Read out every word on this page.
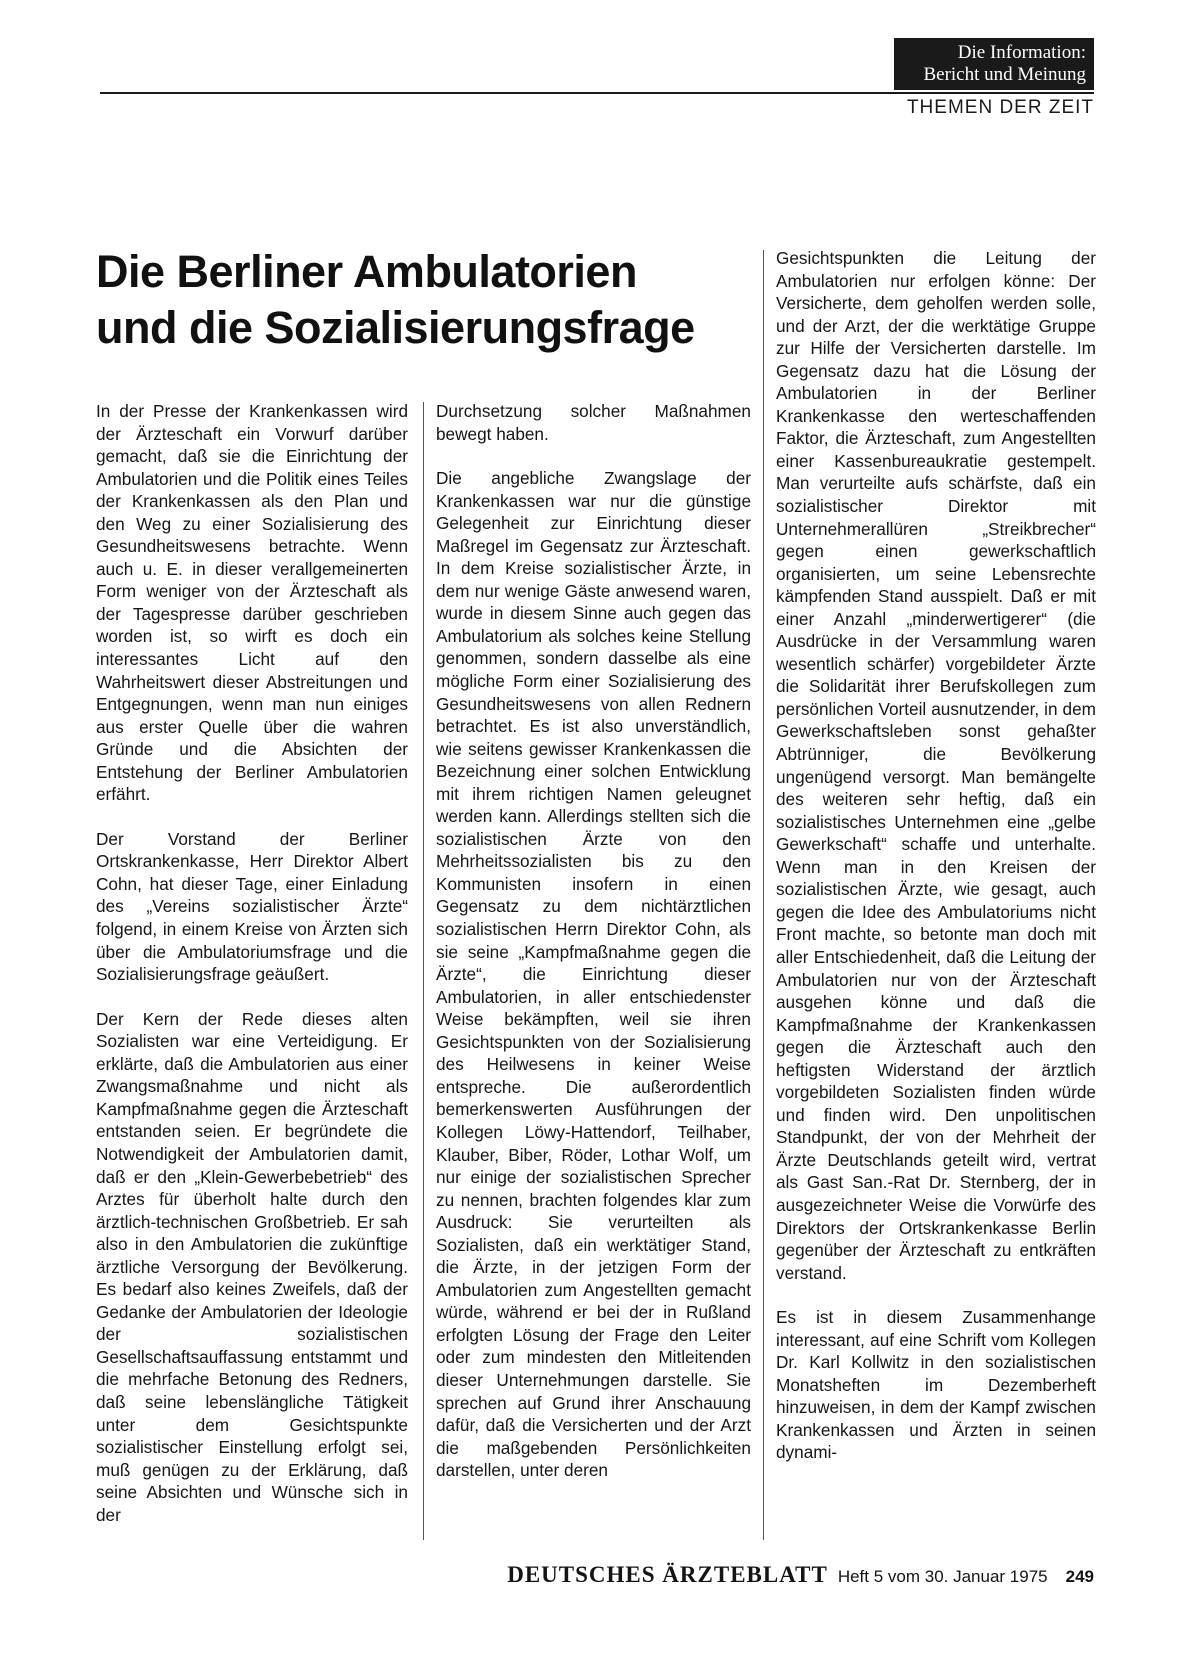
Die Information:
Bericht und Meinung
THEMEN DER ZEIT
Die Berliner Ambulatorien
und die Sozialisierungsfrage

In der Presse der Krankenkassen wird der Ärzteschaft ein Vorwurf darüber gemacht, daß sie die Einrichtung der Ambulatorien und die Politik eines Teiles der Krankenkassen als den Plan und den Weg zu einer Sozialisierung des Gesundheitswesens betrachte. Wenn auch u. E. in dieser verallgemeinerten Form weniger von der Ärzteschaft als der Tagespresse darüber geschrieben worden ist, so wirft es doch ein interessantes Licht auf den Wahrheitswert dieser Abstreitungen und Entgegnungen, wenn man nun einiges aus erster Quelle über die wahren Gründe und die Absichten der Entstehung der Berliner Ambulatorien erfährt.

Der Vorstand der Berliner Ortskrankenkasse, Herr Direktor Albert Cohn, hat dieser Tage, einer Einladung des „Vereins sozialistischer Ärzte“ folgend, in einem Kreise von Ärzten sich über die Ambulatoriumsfrage und die Sozialisierungsfrage geäußert.

Der Kern der Rede dieses alten Sozialisten war eine Verteidigung. Er erklärte, daß die Ambulatorien aus einer Zwangsmaßnahme und nicht als Kampfmaßnahme gegen die Ärzteschaft entstanden seien. Er begründete die Notwendigkeit der Ambulatorien damit, daß er den „Klein-Gewerbebetrieb“ des Arztes für überholt halte durch den ärztlich-technischen Großbetrieb. Er sah also in den Ambulatorien die zukünftige ärztliche Versorgung der Bevölkerung. Es bedarf also keines Zweifels, daß der Gedanke der Ambulatorien der Ideologie der sozialistischen Gesellschaftsauffassung entstammt und die mehrfache Betonung des Redners, daß seine lebenslängliche Tätigkeit unter dem Gesichtspunkte sozialistischer Einstellung erfolgt sei, muß genügen zu der Erklärung, daß seine Absichten und Wünsche sich in der

Durchsetzung solcher Maßnahmen bewegt haben.

Die angebliche Zwangslage der Krankenkassen war nur die günstige Gelegenheit zur Einrichtung dieser Maßregel im Gegensatz zur Ärzteschaft. In dem Kreise sozialistischer Ärzte, in dem nur wenige Gäste anwesend waren, wurde in diesem Sinne auch gegen das Ambulatorium als solches keine Stellung genommen, sondern dasselbe als eine mögliche Form einer Sozialisierung des Gesundheitswesens von allen Rednern betrachtet. Es ist also unverständlich, wie seitens gewisser Krankenkassen die Bezeichnung einer solchen Entwicklung mit ihrem richtigen Namen geleugnet werden kann. Allerdings stellten sich die sozialistischen Ärzte von den Mehrheitssozialisten bis zu den Kommunisten insofern in einen Gegensatz zu dem nichtärztlichen sozialistischen Herrn Direktor Cohn, als sie seine „Kampfmaßnahme gegen die Ärzte“, die Einrichtung dieser Ambulatorien, in aller entschiedenster Weise bekämpften, weil sie ihren Gesichtspunkten von der Sozialisierung des Heilwesens in keiner Weise entspreche. Die außerordentlich bemerkenswerten Ausführungen der Kollegen Löwy-Hattendorf, Teilhaber, Klauber, Biber, Röder, Lothar Wolf, um nur einige der sozialistischen Sprecher zu nennen, brachten folgendes klar zum Ausdruck: Sie verurteilten als Sozialisten, daß ein werktätiger Stand, die Ärzte, in der jetzigen Form der Ambulatorien zum Angestellten gemacht würde, während er bei der in Rußland erfolgten Lösung der Frage den Leiter oder zum mindesten den Mitleitenden dieser Unternehmungen darstelle. Sie sprechen auf Grund ihrer Anschauung dafür, daß die Versicherten und der Arzt die maßgebenden Persönlichkeiten darstellen, unter deren

Gesichtspunkten die Leitung der Ambulatorien nur erfolgen könne: Der Versicherte, dem geholfen werden solle, und der Arzt, der die werktätige Gruppe zur Hilfe der Versicherten darstelle. Im Gegensatz dazu hat die Lösung der Ambulatorien in der Berliner Krankenkasse den werteschaffenden Faktor, die Ärzteschaft, zum Angestellten einer Kassenbureaukratie gestempelt. Man verurteilte aufs schärfste, daß ein sozialistischer Direktor mit Unternehmerallüren „Streikbrecher“ gegen einen gewerkschaftlich organisierten, um seine Lebensrechte kämpfenden Stand ausspielt. Daß er mit einer Anzahl „minderwertigerer“ (die Ausdrücke in der Versammlung waren wesentlich schärfer) vorgebildeter Ärzte die Solidarität ihrer Berufskollegen zum persönlichen Vorteil ausnutzender, in dem Gewerkschaftsleben sonst gehaßter Abtrünniger, die Bevölkerung ungenügend versorgt. Man bemängelte des weiteren sehr heftig, daß ein sozialistisches Unternehmen eine „gelbe Gewerkschaft“ schaffe und unterhalte. Wenn man in den Kreisen der sozialistischen Ärzte, wie gesagt, auch gegen die Idee des Ambulatoriums nicht Front machte, so betonte man doch mit aller Entschiedenheit, daß die Leitung der Ambulatorien nur von der Ärzteschaft ausgehen könne und daß die Kampfmaßnahme der Krankenkassen gegen die Ärzteschaft auch den heftigsten Widerstand der ärztlich vorgebildeten Sozialisten finden würde und finden wird. Den unpolitischen Standpunkt, der von der Mehrheit der Ärzte Deutschlands geteilt wird, vertrat als Gast San.-Rat Dr. Sternberg, der in ausgezeichneter Weise die Vorwürfe des Direktors der Ortskrankenkasse Berlin gegenüber der Ärzteschaft zu entkräften verstand.

Es ist in diesem Zusammenhange interessant, auf eine Schrift vom Kollegen Dr. Karl Kollwitz in den sozialistischen Monatsheften im Dezemberheft hinzuweisen, in dem der Kampf zwischen Krankenkassen und Ärzten in seinen dynami-

DEUTSCHES ÄRZTEBLATT Heft 5 vom 30. Januar 1975 249
